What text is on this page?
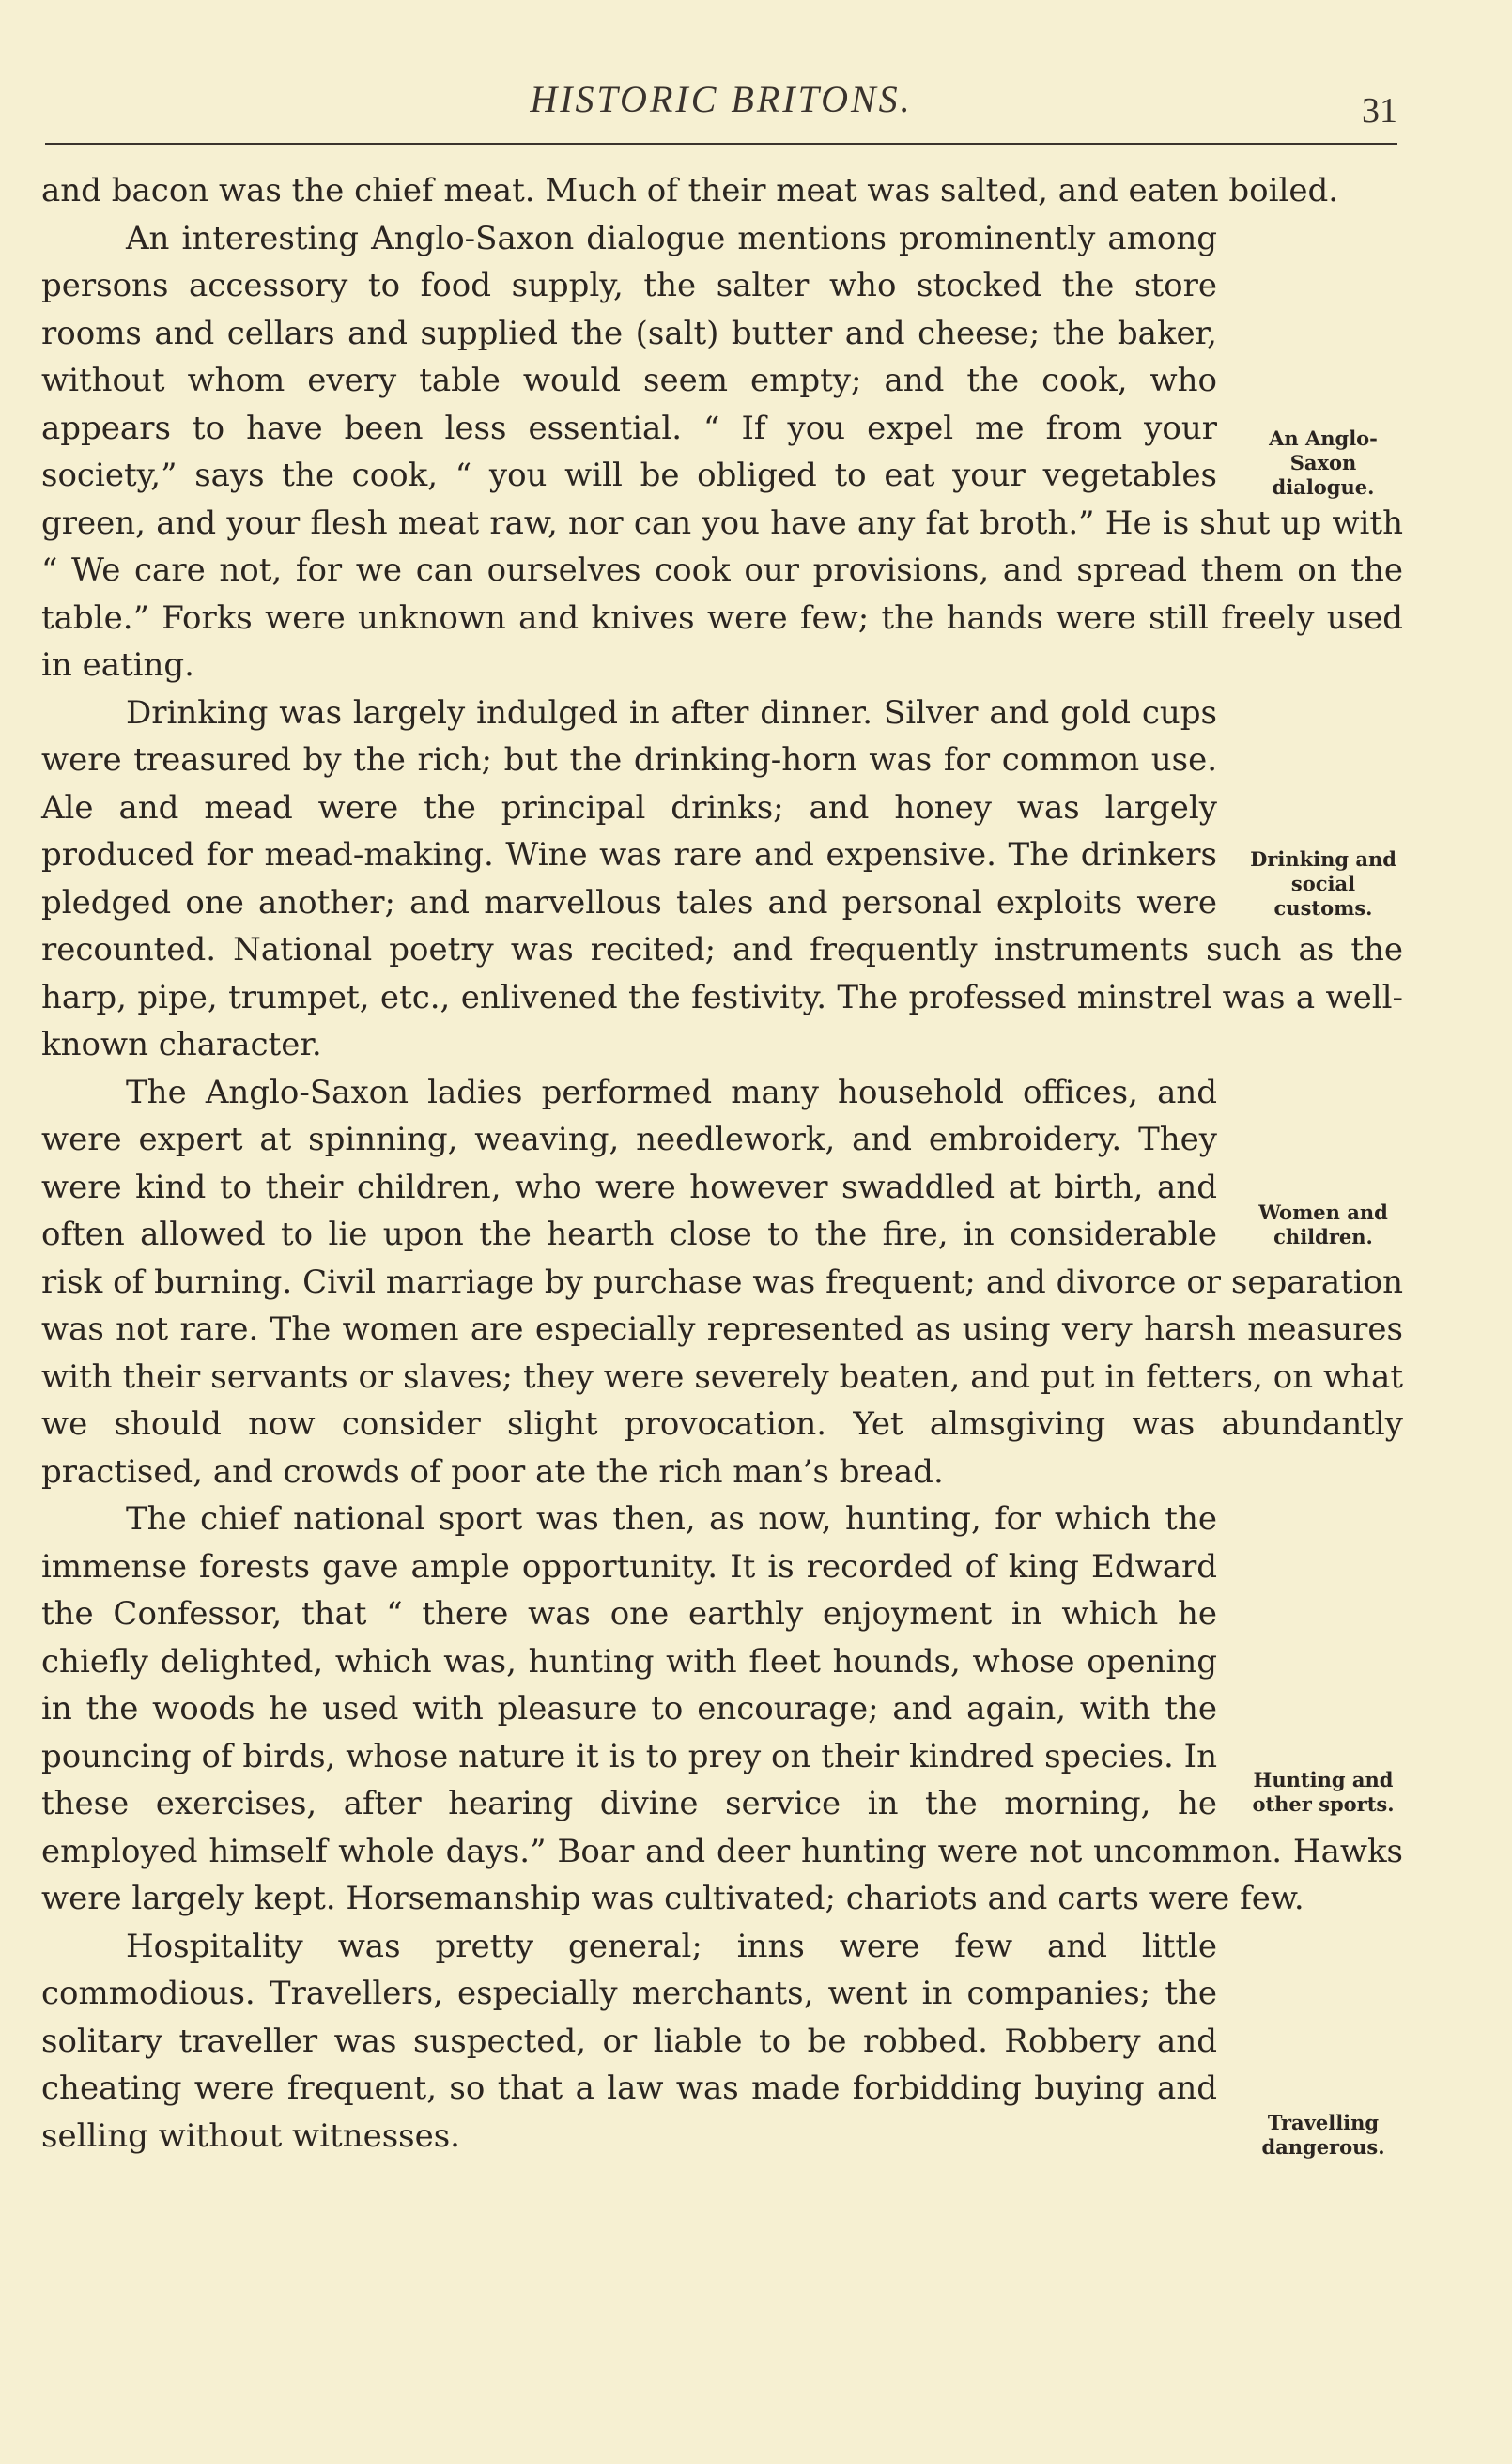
HISTORIC BRITONS.	31

and bacon was the chief meat. Much of their meat was salted, and eaten boiled.

An Anglo-Saxon dialogue.

An interesting Anglo-Saxon dialogue mentions prominently among persons accessory to food supply, the salter who stocked the store rooms and cellars and supplied the (salt) butter and cheese; the baker, without whom every table would seem empty; and the cook, who appears to have been less essential. “ If you expel me from your society,” says the cook, “ you will be obliged to eat your vegetables green, and your flesh meat raw, nor can you have any fat broth.” He is shut up with “ We care not, for we can ourselves cook our provisions, and spread them on the table.” Forks were unknown and knives were few; the hands were still freely used in eating.

Drinking and social customs.

Drinking was largely indulged in after dinner. Silver and gold cups were treasured by the rich; but the drinking-horn was for common use. Ale and mead were the principal drinks; and honey was largely produced for mead-making. Wine was rare and expensive. The drinkers pledged one another; and marvellous tales and personal exploits were recounted. National poetry was recited; and frequently instruments such as the harp, pipe, trumpet, etc., enlivened the festivity. The professed minstrel was a well-known character.

Women and children.

The Anglo-Saxon ladies performed many household offices, and were expert at spinning, weaving, needlework, and embroidery. They were kind to their children, who were however swaddled at birth, and often allowed to lie upon the hearth close to the fire, in considerable risk of burning. Civil marriage by purchase was frequent; and divorce or separation was not rare. The women are especially represented as using very harsh measures with their servants or slaves; they were severely beaten, and put in fetters, on what we should now consider slight provocation. Yet almsgiving was abundantly practised, and crowds of poor ate the rich man’s bread.

Hunting and other sports.

The chief national sport was then, as now, hunting, for which the immense forests gave ample opportunity. It is recorded of king Edward the Confessor, that “ there was one earthly enjoyment in which he chiefly delighted, which was, hunting with fleet hounds, whose opening in the woods he used with pleasure to encourage; and again, with the pouncing of birds, whose nature it is to prey on their kindred species. In these exercises, after hearing divine service in the morning, he employed himself whole days.” Boar and deer hunting were not uncommon. Hawks were largely kept. Horsemanship was cultivated; chariots and carts were few.

Travelling dangerous.

Hospitality was pretty general; inns were few and little commodious. Travellers, especially merchants, went in companies; the solitary traveller was suspected, or liable to be robbed. Robbery and cheating were frequent, so that a law was made forbidding buying and selling without witnesses.
